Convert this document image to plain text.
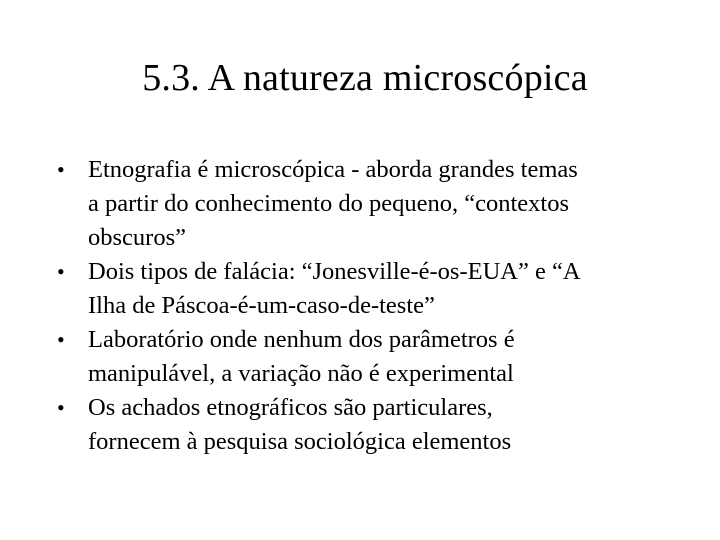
5.3. A natureza microscópica
• Etnografia é microscópica - aborda grandes temas
a partir do conhecimento do pequeno, “contextos
obscuros”
• Dois tipos de falácia: “Jonesville-é-os-EUA” e “A
Ilha de Páscoa-é-um-caso-de-teste”
• Laboratório onde nenhum dos parâmetros é
manipulável, a variação não é experimental
• Os achados etnográficos são particulares,
fornecem à pesquisa sociológica elementos
